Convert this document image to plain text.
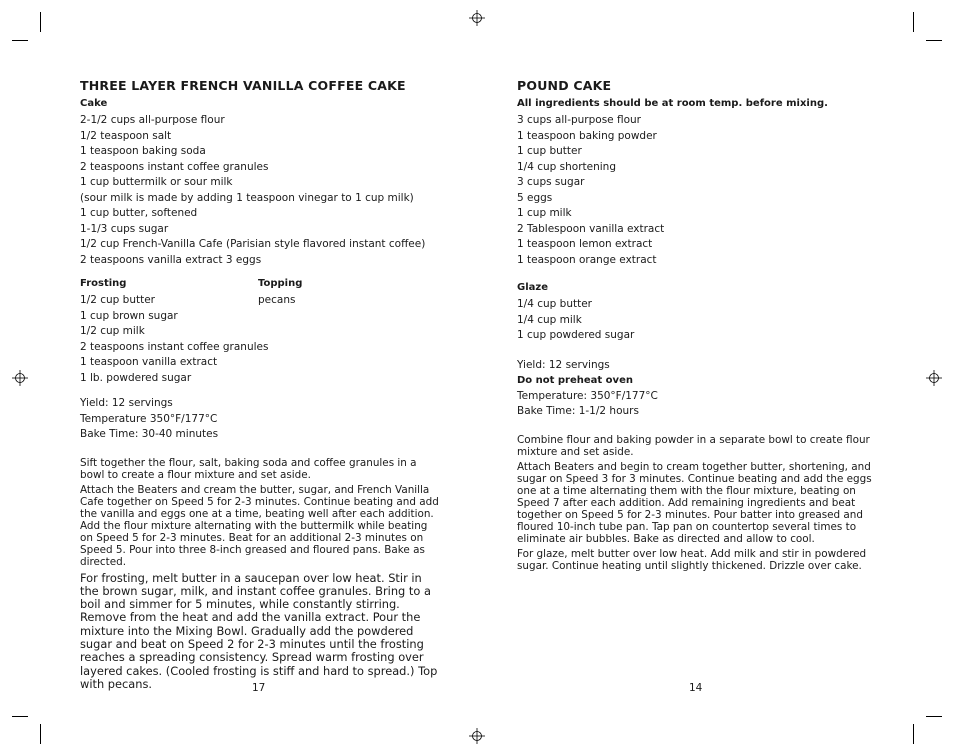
THREE LAYER FRENCH VANILLA COFFEE CAKE

Cake

2-1/2 cups all-purpose flour

1/2 teaspoon salt

1 teaspoon baking soda

2 teaspoons instant coffee granules

1 cup buttermilk or sour milk

(sour milk is made by adding 1 teaspoon vinegar to 1 cup milk)

1 cup butter, softened

1-1/3 cups sugar

1/2 cup French-Vanilla Cafe (Parisian style flavored instant coffee)

2 teaspoons vanilla extract 3 eggs

Frosting

1/2 cup butter

1 cup brown sugar

1/2 cup milk

2 teaspoons instant coffee granules

1 teaspoon vanilla extract

1 lb. powdered sugar

Topping

pecans

Yield: 12 servings

Temperature 350°F/177°C

Bake Time: 30-40 minutes

Sift together the flour, salt, baking soda and coffee granules in a bowl to create a flour mixture and set aside.

Attach the Beaters and cream the butter, sugar, and French Vanilla Cafe together on Speed 5 for 2-3 minutes. Continue beating and add the vanilla and eggs one at a time, beating well after each addition. Add the flour mixture alternating with the buttermilk while beating on Speed 5 for 2-3 minutes. Beat for an additional 2-3 minutes on Speed 5. Pour into three 8-inch greased and floured pans. Bake as directed.

For frosting, melt butter in a saucepan over low heat. Stir in the brown sugar, milk, and instant coffee granules. Bring to a boil and simmer for 5 minutes, while constantly stirring. Remove from the heat and add the vanilla extract. Pour the mixture into the Mixing Bowl. Gradually add the powdered sugar and beat on Speed 2 for 2-3 minutes until the frosting reaches a spreading consistency. Spread warm frosting over layered cakes. (Cooled frosting is stiff and hard to spread.) Top with pecans.	17

POUND CAKE

All ingredients should be at room temp. before mixing.

3 cups all-purpose flour

1 teaspoon baking powder

1 cup butter

1/4 cup shortening

3 cups sugar

5 eggs

1 cup milk

2 Tablespoon vanilla extract

1 teaspoon lemon extract

1 teaspoon orange extract

Glaze

1/4 cup butter

1/4 cup milk

1 cup powdered sugar

Yield: 12 servings

Do not preheat oven

Temperature: 350°F/177°C

Bake Time: 1-1/2 hours

Combine flour and baking powder in a separate bowl to create flour mixture and set aside.

Attach Beaters and begin to cream together butter, shortening, and sugar on Speed 3 for 3 minutes. Continue beating and add the eggs one at a time alternating them with the flour mixture, beating on Speed 7 after each addition. Add remaining ingredients and beat together on Speed 5 for 2-3 minutes. Pour batter into greased and floured 10-inch tube pan. Tap pan on countertop several times to eliminate air bubbles. Bake as directed and allow to cool.

For glaze, melt butter over low heat. Add milk and stir in powdered sugar. Continue heating until slightly thickened. Drizzle over cake.

14
